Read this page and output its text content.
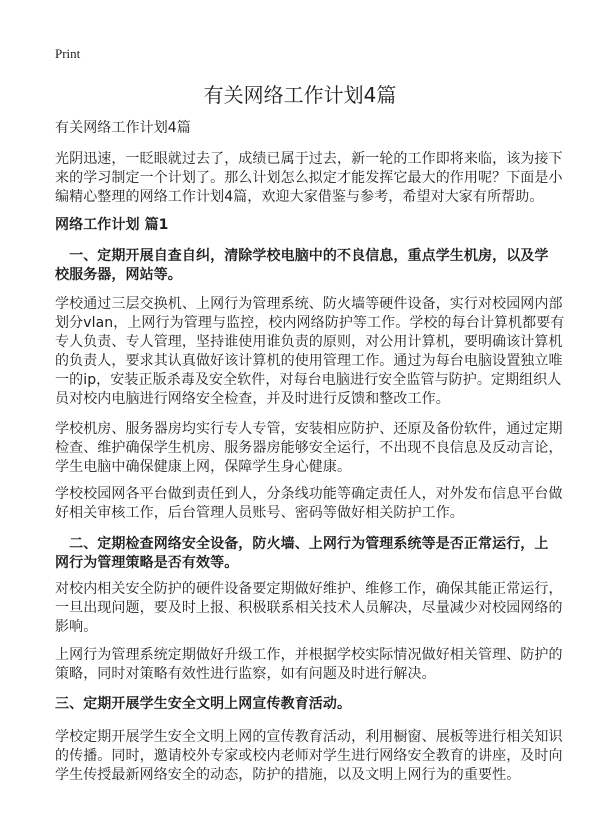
Print
有关网络工作计划4篇
有关网络工作计划4篇
光阴迅速，一眨眼就过去了，成绩已属于过去，新一轮的工作即将来临，该为接下
来的学习制定一个计划了。那么计划怎么拟定才能发挥它最大的作用呢？下面是小
编精心整理的网络工作计划4篇，欢迎大家借鉴与参考，希望对大家有所帮助。
网络工作计划 篇1
　一、定期开展自查自纠，清除学校电脑中的不良信息，重点学生机房，以及学
校服务器，网站等。
学校通过三层交换机、上网行为管理系统、防火墙等硬件设备，实行对校园网内部
划分vlan，上网行为管理与监控，校内网络防护等工作。学校的每台计算机都要有
专人负责、专人管理，坚持谁使用谁负责的原则，对公用计算机，要明确该计算机
的负责人，要求其认真做好该计算机的使用管理工作。通过为每台电脑设置独立唯
一的ip，安装正版杀毒及安全软件，对每台电脑进行安全监管与防护。定期组织人
员对校内电脑进行网络安全检查，并及时进行反馈和整改工作。
学校机房、服务器房均实行专人专管，安装相应防护、还原及备份软件，通过定期
检查、维护确保学生机房、服务器房能够安全运行，不出现不良信息及反动言论，
学生电脑中确保健康上网，保障学生身心健康。
学校校园网各平台做到责任到人，分条线功能等确定责任人，对外发布信息平台做
好相关审核工作，后台管理人员账号、密码等做好相关防护工作。
　二、定期检查网络安全设备，防火墙、上网行为管理系统等是否正常运行，上
网行为管理策略是否有效等。
对校内相关安全防护的硬件设备要定期做好维护、维修工作，确保其能正常运行，
一旦出现问题，要及时上报、积极联系相关技术人员解决，尽量减少对校园网络的
影响。
上网行为管理系统定期做好升级工作，并根据学校实际情况做好相关管理、防护的
策略，同时对策略有效性进行监察，如有问题及时进行解决。
三、定期开展学生安全文明上网宣传教育活动。
学校定期开展学生安全文明上网的宣传教育活动，利用橱窗、展板等进行相关知识
的传播。同时，邀请校外专家或校内老师对学生进行网络安全教育的讲座，及时向
学生传授最新网络安全的动态，防护的措施，以及文明上网行为的重要性。
